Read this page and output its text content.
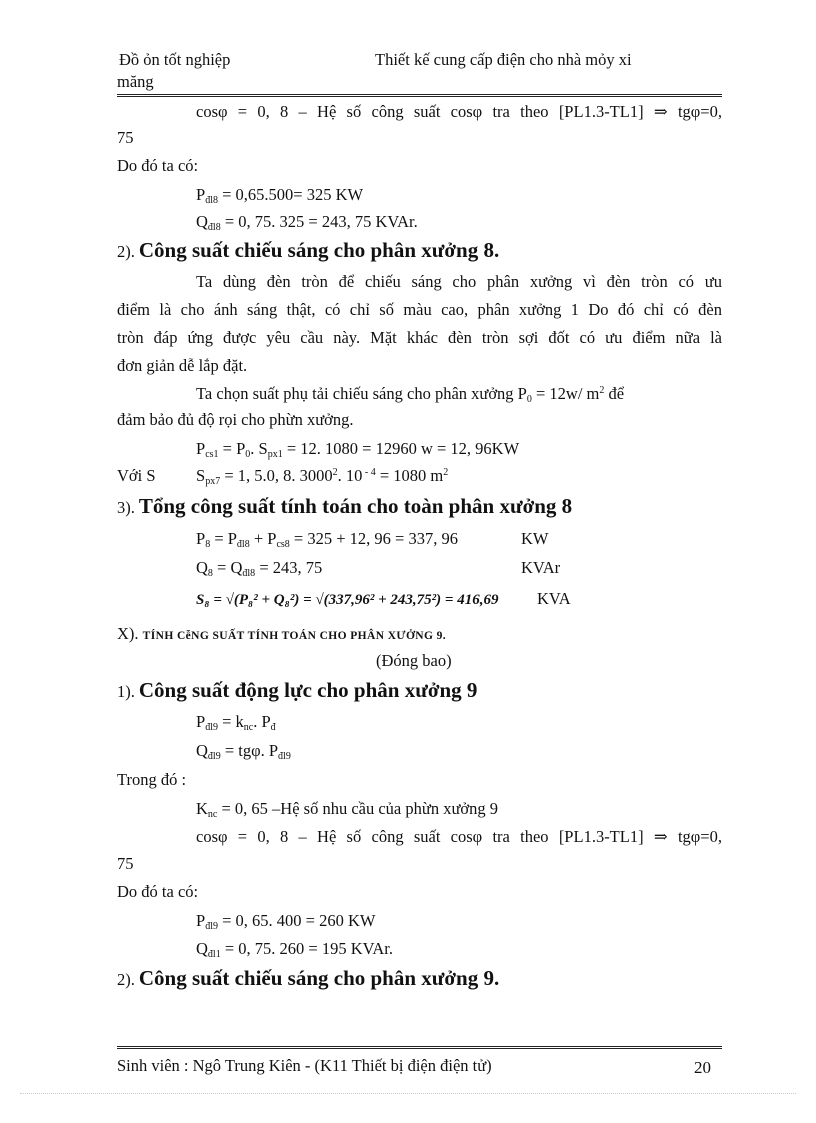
Đồ ỏn tốt nghiệp	Thiết kế cung cấp điện cho nhà mỏy xi
măng
cosφ = 0, 8 – Hệ số công suất cosφ tra theo [PL1.3-TL1] ⇒ tgφ=0,
75
Do đó ta có:
$P_{đl8} = 0,65.500= 325$ KW
$Q_{đl8} = 0$, 75. 325 = 243, 75 KVAr.
2). Công suất chiếu sáng cho phân xưởng 8.
Ta dùng đèn tròn để chiếu sáng cho phân xưởng vì đèn tròn có ưu
điểm là cho ánh sáng thật, có chỉ số màu cao, phân xưởng 1 Do đó chỉ có đèn
tròn đáp ứng được yêu cầu này. Mặt khác đèn tròn sợi đốt có ưu điểm nữa là
đơn giản dễ lắp đặt.
Ta chọn suất phụ tải chiếu sáng cho phân xưởng $P_0 = 12w/$ $m^2$ để
đảm bảo đủ độ rọi cho phừn xưởng.
$P_{cs1} = P_0$. $S_{px1} = 12$. 1080 = 12960 w = 12, 96KW
Với S $S_{px7} = 1$, 5.0, 8. 3000$^2$. 10 $^{- 4}$ = 1080 $m^2$
3). Tổng công suất tính toán cho toàn phân xưởng 8
$P_8 = P_{đl8} + P_{cs8} = 325 + 12$, 96 = 337, 96	KW
$Q_8 = Q_{đl8} = 243$, 75	KVAr
S₈ = √(P₈² + Q₈²) = √(337,96² + 243,75²) = 416,69 KVA
X). TÍNH CễNG SUẤT TÍNH TOÁN CHO PHÂN XƯỞNG 9.
(Đóng bao)
1). Công suất động lực cho phân xưởng 9
$P_{đl9} = k_{nc}$. $P_đ$
$Q_{đl9} = tg\varphi$. $P_{đl9}$
Trong đó :
$K_{nc} = 0$, 65 –Hệ số nhu cầu của phừn xưởng 9
cosφ = 0, 8 – Hệ số công suất cosφ tra theo [PL1.3-TL1] ⇒ tgφ=0,
75
Do đó ta có:
$P_{đl9} = 0$, 65. 400 = 260 KW
$Q_{đl1} = 0$, 75. 260 = 195 KVAr.
2). Công suất chiếu sáng cho phân xưởng 9.
Sinh viên : Ngô Trung Kiên - (K11 Thiết bị điện điện tử)	20
